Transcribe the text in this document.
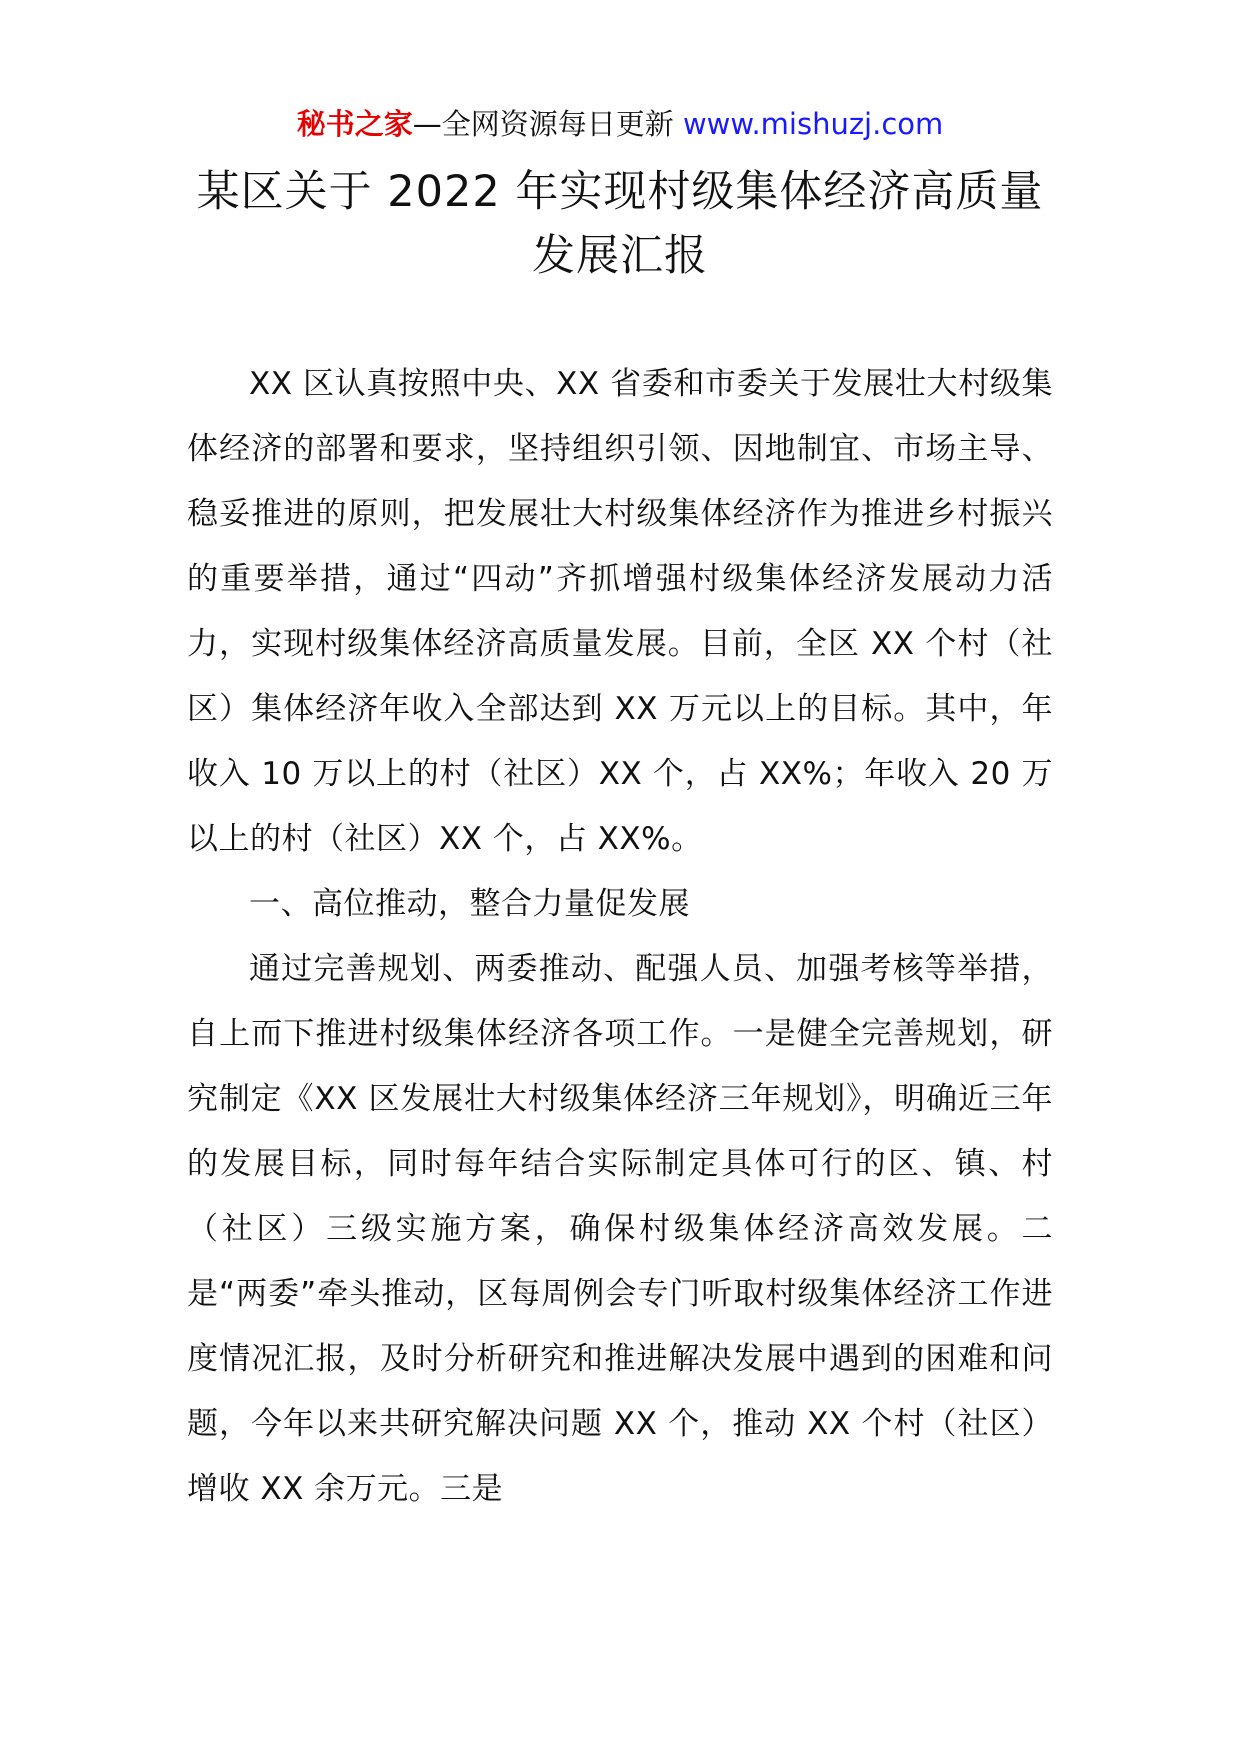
秘书之家—全网资源每日更新 www.mishuzj.com
某区关于 2022 年实现村级集体经济高质量
发展汇报

XX 区认真按照中央、XX 省委和市委关于发展壮大村级集体经济的部署和要求，坚持组织引领、因地制宜、市场主导、稳妥推进的原则，把发展壮大村级集体经济作为推进乡村振兴的重要举措，通过“四动”齐抓增强村级集体经济发展动力活力，实现村级集体经济高质量发展。目前，全区 XX 个村（社区）集体经济年收入全部达到 XX 万元以上的目标。其中，年收入 10 万以上的村（社区）XX 个，占 XX%；年收入 20 万以上的村（社区）XX 个，占 XX%。

一、高位推动，整合力量促发展

通过完善规划、两委推动、配强人员、加强考核等举措，自上而下推进村级集体经济各项工作。一是健全完善规划，研究制定《XX 区发展壮大村级集体经济三年规划》，明确近三年的发展目标，同时每年结合实际制定具体可行的区、镇、村（社区）三级实施方案，确保村级集体经济高效发展。二是“两委”牵头推动，区每周例会专门听取村级集体经济工作进度情况汇报，及时分析研究和推进解决发展中遇到的困难和问题，今年以来共研究解决问题 XX 个，推动 XX 个村（社区）增收 XX 余万元。三是
